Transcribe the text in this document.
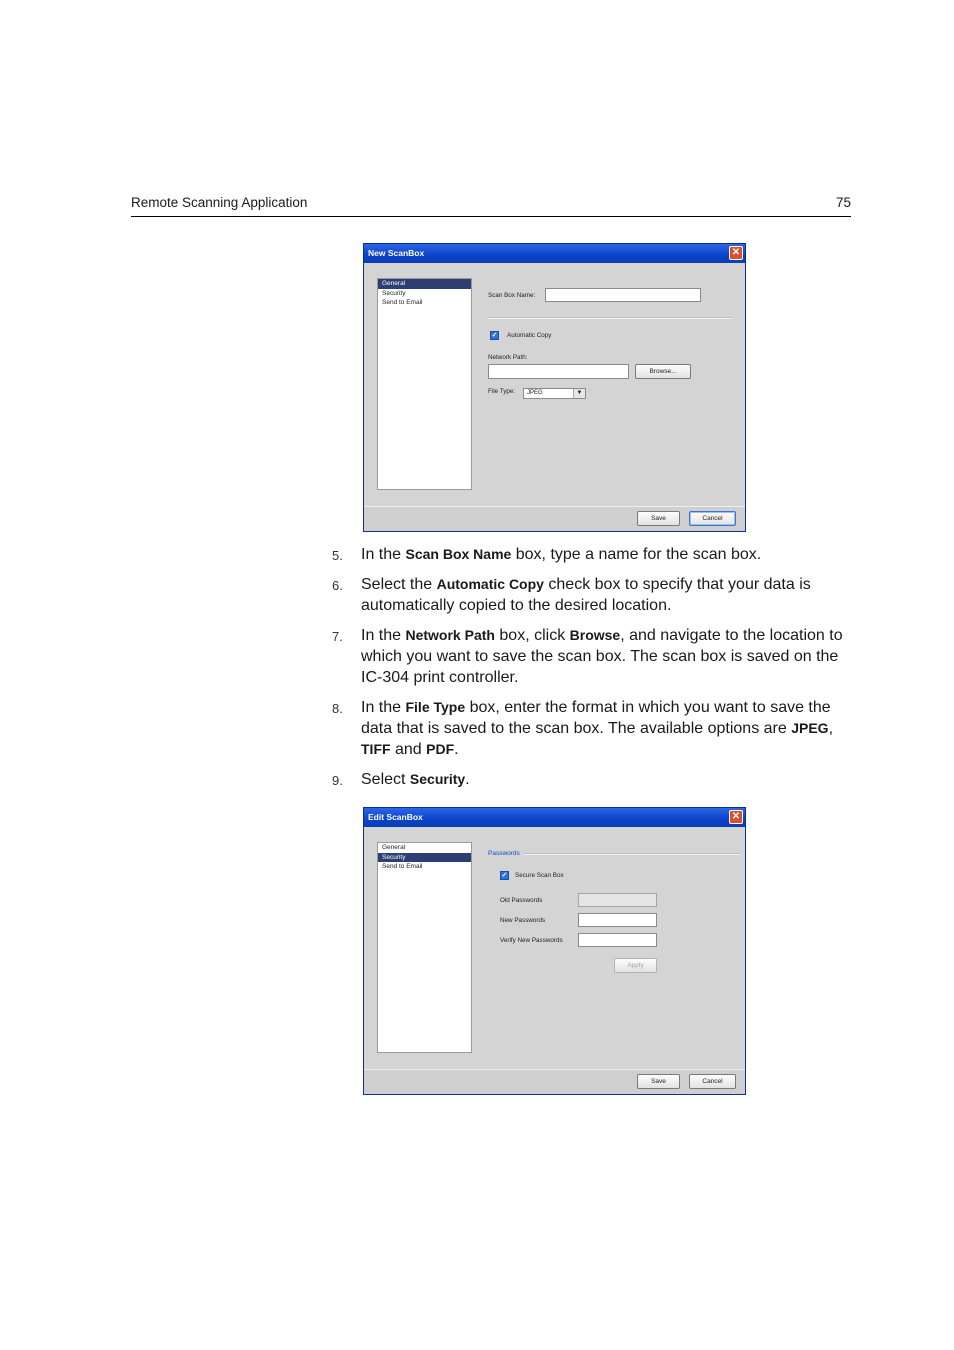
Remote Scanning Application	75
New ScanBox	✕
General
Security
Send to Email
Scan Box Name:
✓ Automatic Copy
Network Path:
Browse...
File Type:	JPEG	▼
Save	Cancel
5. In the Scan Box Name box, type a name for the scan box.
6. Select the Automatic Copy check box to specify that your data is automatically copied to the desired location.
7. In the Network Path box, click Browse, and navigate to the location to which you want to save the scan box. The scan box is saved on the IC-304 print controller.
8. In the File Type box, enter the format in which you want to save the data that is saved to the scan box. The available options are JPEG, TIFF and PDF.
9. Select Security.
Edit ScanBox	✕
General
Security
Send to Email
Passwords
✓ Secure Scan Box
Old Passwords
New Passwords
Verify New Passwords
Apply
Save	Cancel
